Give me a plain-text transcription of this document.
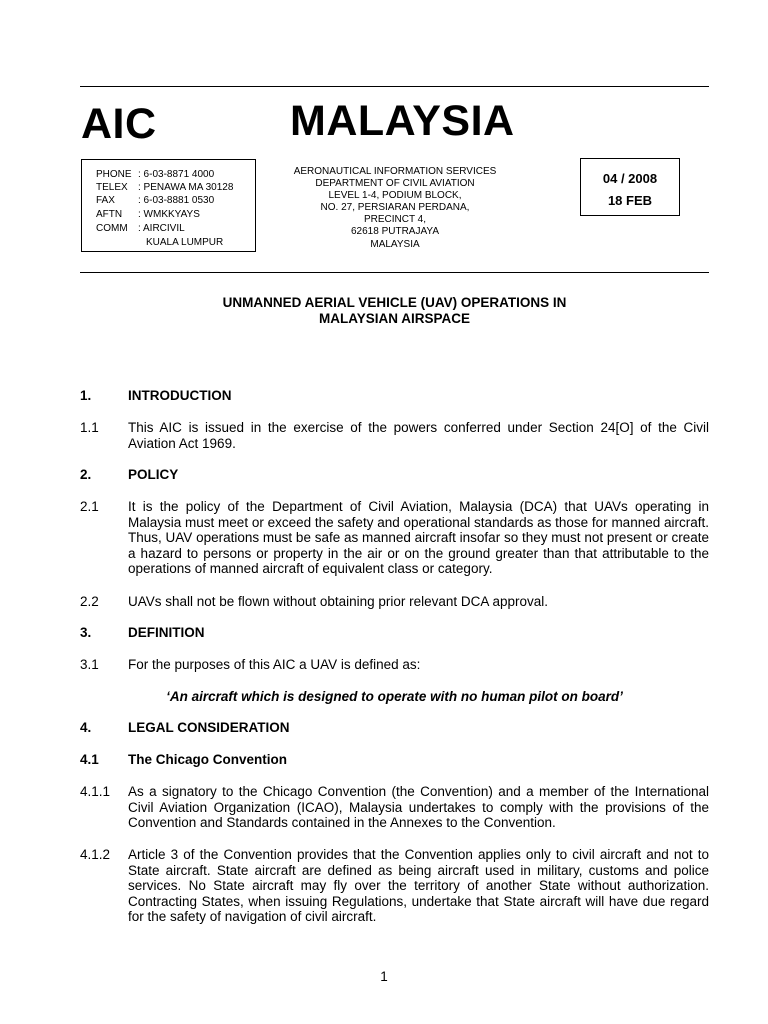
AIC	MALAYSIA
PHONE : 6-03-8871 4000
TELEX : PENAWA MA 30128
FAX : 6-03-8881 0530
AFTN : WMKKYAYS
COMM : AIRCIVIL
KUALA LUMPUR
AERONAUTICAL INFORMATION SERVICES
DEPARTMENT OF CIVIL AVIATION
LEVEL 1-4, PODIUM BLOCK,
NO. 27, PERSIARAN PERDANA,
PRECINCT 4,
62618 PUTRAJAYA
MALAYSIA
04 / 2008
18 FEB
UNMANNED AERIAL VEHICLE (UAV) OPERATIONS IN
MALAYSIAN AIRSPACE
1.	INTRODUCTION
1.1 This AIC is issued in the exercise of the powers conferred under Section 24[O] of the Civil Aviation Act 1969.
2.	POLICY
2.1 It is the policy of the Department of Civil Aviation, Malaysia (DCA) that UAVs operating in Malaysia must meet or exceed the safety and operational standards as those for manned aircraft. Thus, UAV operations must be safe as manned aircraft insofar so they must not present or create a hazard to persons or property in the air or on the ground greater than that attributable to the operations of manned aircraft of equivalent class or category.
2.2 UAVs shall not be flown without obtaining prior relevant DCA approval.
3.	DEFINITION
3.1 For the purposes of this AIC a UAV is defined as:
‘An aircraft which is designed to operate with no human pilot on board’
4.	LEGAL CONSIDERATION
4.1 The Chicago Convention
4.1.1 As a signatory to the Chicago Convention (the Convention) and a member of the International Civil Aviation Organization (ICAO), Malaysia undertakes to comply with the provisions of the Convention and Standards contained in the Annexes to the Convention.
4.1.2 Article 3 of the Convention provides that the Convention applies only to civil aircraft and not to State aircraft. State aircraft are defined as being aircraft used in military, customs and police services. No State aircraft may fly over the territory of another State without authorization. Contracting States, when issuing Regulations, undertake that State aircraft will have due regard for the safety of navigation of civil aircraft.
1
